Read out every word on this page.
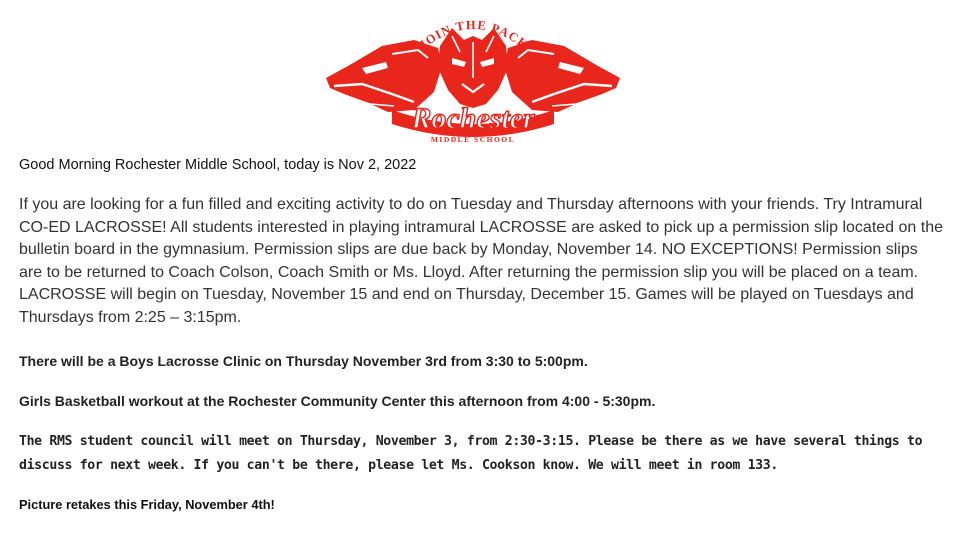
JOIN THE PACK
Rochester
MIDDLE SCHOOL
Good Morning Rochester Middle School, today is Nov 2, 2022

If you are looking for a fun filled and exciting activity to do on Tuesday and Thursday afternoons with your friends. Try Intramural CO-ED LACROSSE! All students interested in playing intramural LACROSSE are asked to pick up a permission slip located on the bulletin board in the gymnasium. Permission slips are due back by Monday, November 14. NO EXCEPTIONS! Permission slips are to be returned to Coach Colson, Coach Smith or Ms. Lloyd. After returning the permission slip you will be placed on a team. LACROSSE will begin on Tuesday, November 15 and end on Thursday, December 15. Games will be played on Tuesdays and Thursdays from 2:25 – 3:15pm.

There will be a Boys Lacrosse Clinic on Thursday November 3rd from 3:30 to 5:00pm.
Girls Basketball workout at the Rochester Community Center this afternoon from 4:00 - 5:30pm.

The RMS student council will meet on Thursday, November 3, from 2:30-3:15. Please be there as we have several things to discuss for next week. If you can't be there, please let Ms. Cookson know. We will meet in room 133.

Picture retakes this Friday, November 4th!
